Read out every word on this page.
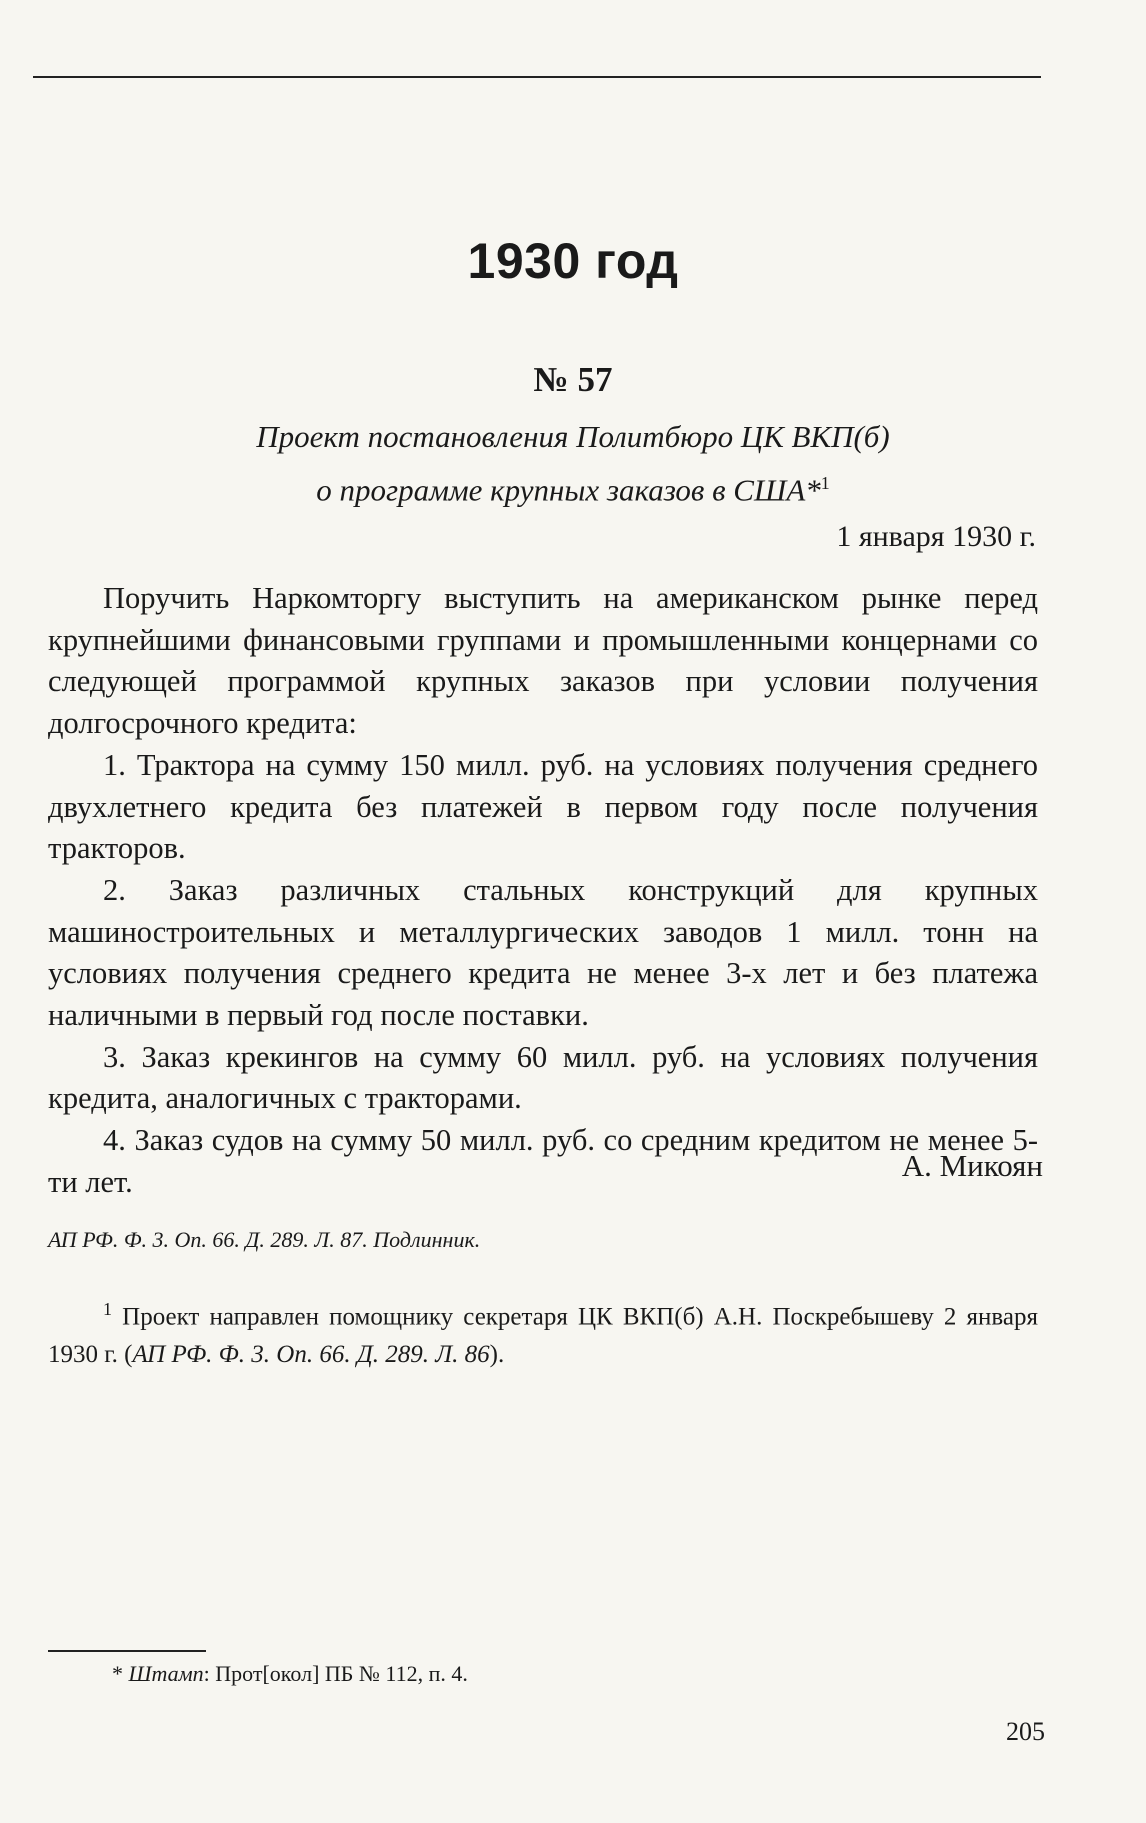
1930 год
№ 57
Проект постановления Политбюро ЦК ВКП(б)
о программе крупных заказов в США*$^1$
1 января 1930 г.

Поручить Наркомторгу выступить на американском рынке перед крупнейшими финансовыми группами и промышленными концернами со следующей программой крупных заказов при условии получения долгосрочного кредита:

1. Трактора на сумму 150 милл. руб. на условиях получения среднего двухлетнего кредита без платежей в первом году после получения тракторов.

2. Заказ различных стальных конструкций для крупных машиностроительных и металлургических заводов 1 милл. тонн на условиях получения среднего кредита не менее 3-х лет и без платежа наличными в первый год после поставки.

3. Заказ крекингов на сумму 60 милл. руб. на условиях получения кредита, аналогичных с тракторами.

4. Заказ судов на сумму 50 милл. руб. со средним кредитом не менее 5-ти лет.	А. Микоян
АП РФ. Ф. 3. Оп. 66. Д. 289. Л. 87. Подлинник.
$^1$ Проект направлен помощнику секретаря ЦК ВКП(б) А.Н. Поскребышеву 2 января 1930 г. (АП РФ. Ф. 3. Оп. 66. Д. 289. Л. 86).
* Штамп: Прот[окол] ПБ № 112, п. 4.
205
